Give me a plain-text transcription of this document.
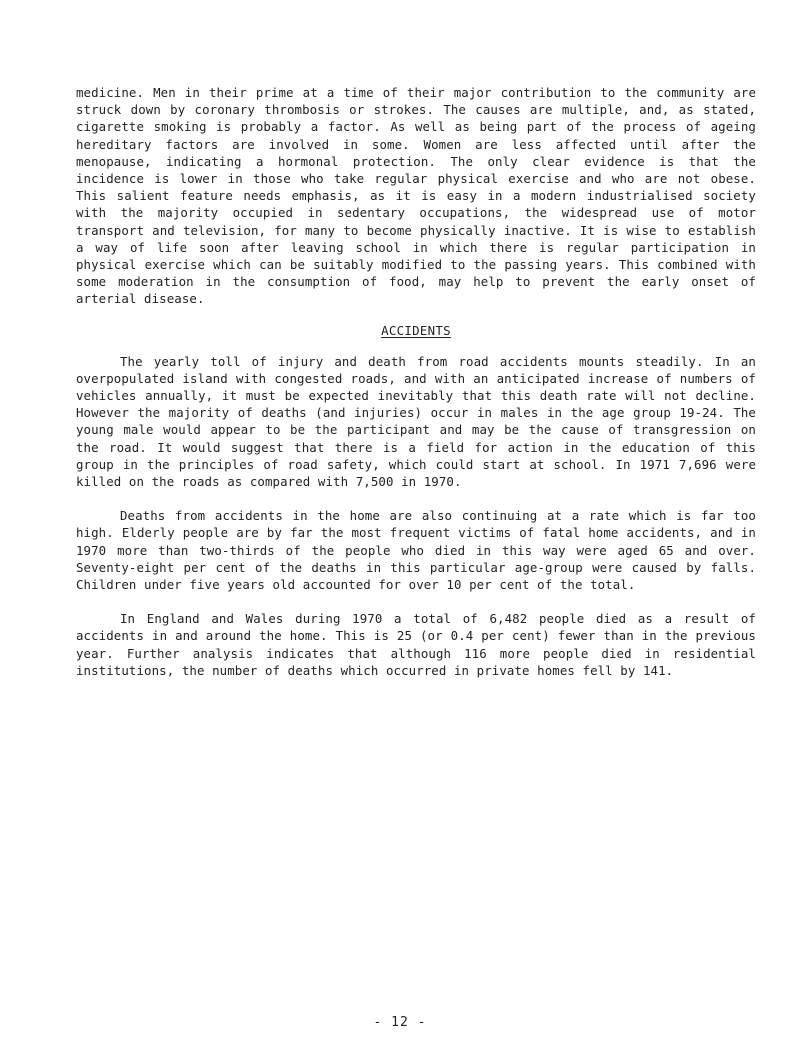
medicine. Men in their prime at a time of their major contribution to the community are struck down by coronary thrombosis or strokes. The causes are multiple, and, as stated, cigarette smoking is probably a factor. As well as being part of the process of ageing hereditary factors are involved in some. Women are less affected until after the menopause, indicating a hormonal protection. The only clear evidence is that the incidence is lower in those who take regular physical exercise and who are not obese. This salient feature needs emphasis, as it is easy in a modern industrialised society with the majority occupied in sedentary occupations, the widespread use of motor transport and television, for many to become physically inactive. It is wise to establish a way of life soon after leaving school in which there is regular participation in physical exercise which can be suitably modified to the passing years. This combined with some moderation in the consumption of food, may help to prevent the early onset of arterial disease.

ACCIDENTS

The yearly toll of injury and death from road accidents mounts steadily. In an overpopulated island with congested roads, and with an anticipated increase of numbers of vehicles annually, it must be expected inevitably that this death rate will not decline. However the majority of deaths (and injuries) occur in males in the age group 19-24. The young male would appear to be the participant and may be the cause of transgression on the road. It would suggest that there is a field for action in the education of this group in the principles of road safety, which could start at school. In 1971 7,696 were killed on the roads as compared with 7,500 in 1970.

Deaths from accidents in the home are also continuing at a rate which is far too high. Elderly people are by far the most frequent victims of fatal home accidents, and in 1970 more than two-thirds of the people who died in this way were aged 65 and over. Seventy-eight per cent of the deaths in this particular age-group were caused by falls. Children under five years old accounted for over 10 per cent of the total.

In England and Wales during 1970 a total of 6,482 people died as a result of accidents in and around the home. This is 25 (or 0.4 per cent) fewer than in the previous year. Further analysis indicates that although 116 more people died in residential institutions, the number of deaths which occurred in private homes fell by 141.

- 12 -
